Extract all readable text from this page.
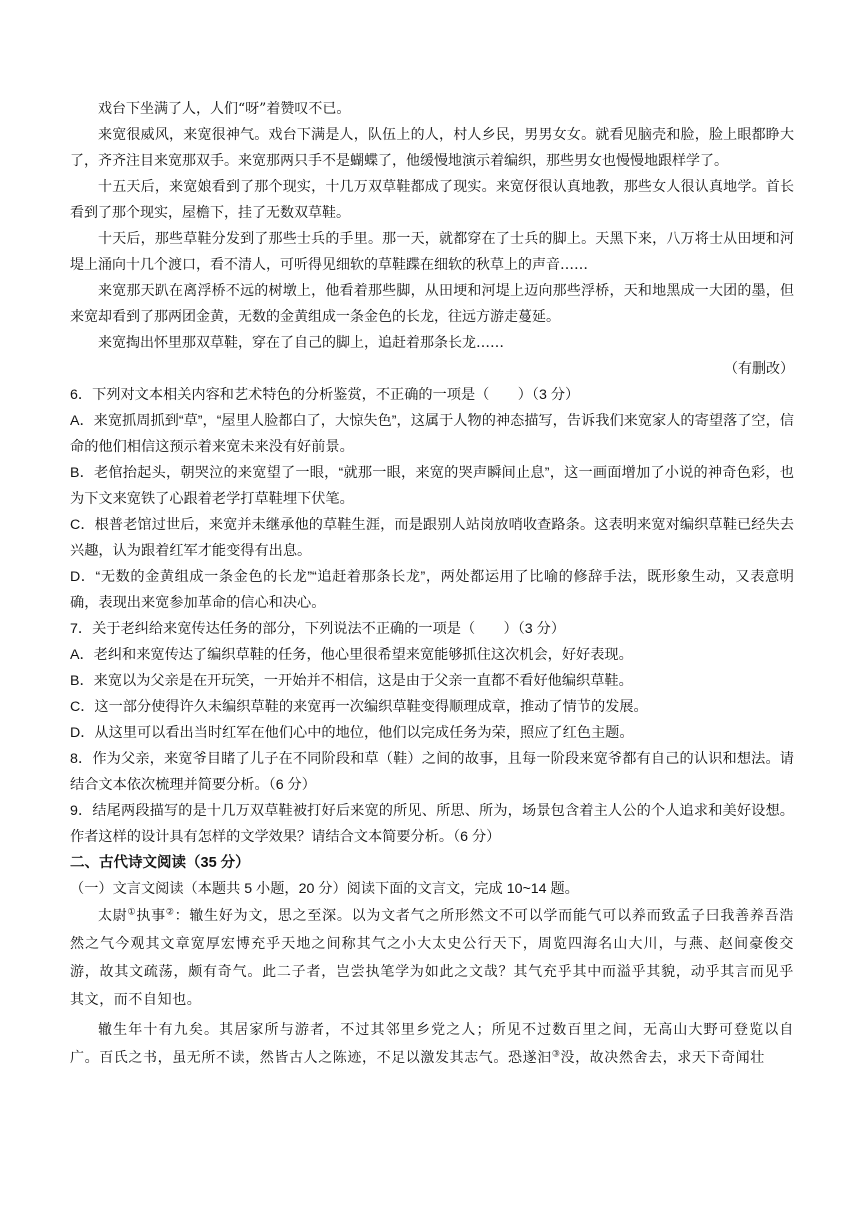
戏台下坐满了人，人们“呀”着赞叹不已。

来宽很威风，来宽很神气。戏台下满是人，队伍上的人，村人乡民，男男女女。就看见脑壳和脸，脸上眼都睁大了，齐齐注目来宽那双手。来宽那两只手不是蝴蝶了，他缓慢地演示着编织，那些男女也慢慢地跟样学了。

十五天后，来宽娘看到了那个现实，十几万双草鞋都成了现实。来宽伢很认真地教，那些女人很认真地学。首长看到了那个现实，屋檐下，挂了无数双草鞋。

十天后，那些草鞋分发到了那些士兵的手里。那一天，就都穿在了士兵的脚上。天黑下来，八万将士从田埂和河堤上涌向十几个渡口，看不清人，可听得见细软的草鞋蹀在细软的秋草上的声音……

来宽那天趴在离浮桥不远的树墩上，他看着那些脚，从田埂和河堤上迈向那些浮桥，天和地黑成一大团的墨，但来宽却看到了那两团金黄，无数的金黄组成一条金色的长龙，往远方游走蔓延。

来宽掏出怀里那双草鞋，穿在了自己的脚上，追赶着那条长龙……

（有删改）

6．下列对文本相关内容和艺术特色的分析鉴赏，不正确的一项是（　　）（3 分）

A．来宽抓周抓到“草”，“屋里人脸都白了，大惊失色”，这属于人物的神态描写，告诉我们来宽家人的寄望落了空，信命的他们相信这预示着来宽未来没有好前景。

B．老倌抬起头，朝哭泣的来宽望了一眼，“就那一眼，来宽的哭声瞬间止息”，这一画面增加了小说的神奇色彩，也为下文来宽铁了心跟着老学打草鞋埋下伏笔。

C．根普老馆过世后，来宽并未继承他的草鞋生涯，而是跟别人站岗放哨收查路条。这表明来宽对编织草鞋已经失去兴趣，认为跟着红军才能变得有出息。

D．“无数的金黄组成一条金色的长龙”“追赶着那条长龙”，两处都运用了比喻的修辞手法，既形象生动，又表意明确，表现出来宽参加革命的信心和决心。

7．关于老纠给来宽传达任务的部分，下列说法不正确的一项是（　　）（3 分）

A．老纠和来宽传达了编织草鞋的任务，他心里很希望来宽能够抓住这次机会，好好表现。

B．来宽以为父亲是在开玩笑，一开始并不相信，这是由于父亲一直都不看好他编织草鞋。

C．这一部分使得许久未编织草鞋的来宽再一次编织草鞋变得顺理成章，推动了情节的发展。

D．从这里可以看出当时红军在他们心中的地位，他们以完成任务为荣，照应了红色主题。

8．作为父亲，来宽爷目睹了儿子在不同阶段和草（鞋）之间的故事，且每一阶段来宽爷都有自己的认识和想法。请结合文本依次梳理并简要分析。（6 分）

9．结尾两段描写的是十几万双草鞋被打好后来宽的所见、所思、所为，场景包含着主人公的个人追求和美好设想。作者这样的设计具有怎样的文学效果？请结合文本简要分析。（6 分）

二、古代诗文阅读（35 分）

（一）文言文阅读（本题共 5 小题，20 分）阅读下面的文言文，完成 10~14 题。

太尉①执事②：辙生好为文，思之至深。以为文者气之所形然文不可以学而能气可以养而致孟子曰我善养吾浩然之气今观其文章宽厚宏博充乎天地之间称其气之小大太史公行天下，周览四海名山大川，与燕、赵间豪俊交游，故其文疏荡，颇有奇气。此二子者，岂尝执笔学为如此之文哉？其气充乎其中而溢乎其貌，动乎其言而见乎其文，而不自知也。

辙生年十有九矣。其居家所与游者，不过其邻里乡党之人；所见不过数百里之间，无高山大野可登览以自广。百氏之书，虽无所不读，然皆古人之陈迹，不足以激发其志气。恐遂汩③没，故决然舍去，求天下奇闻壮
